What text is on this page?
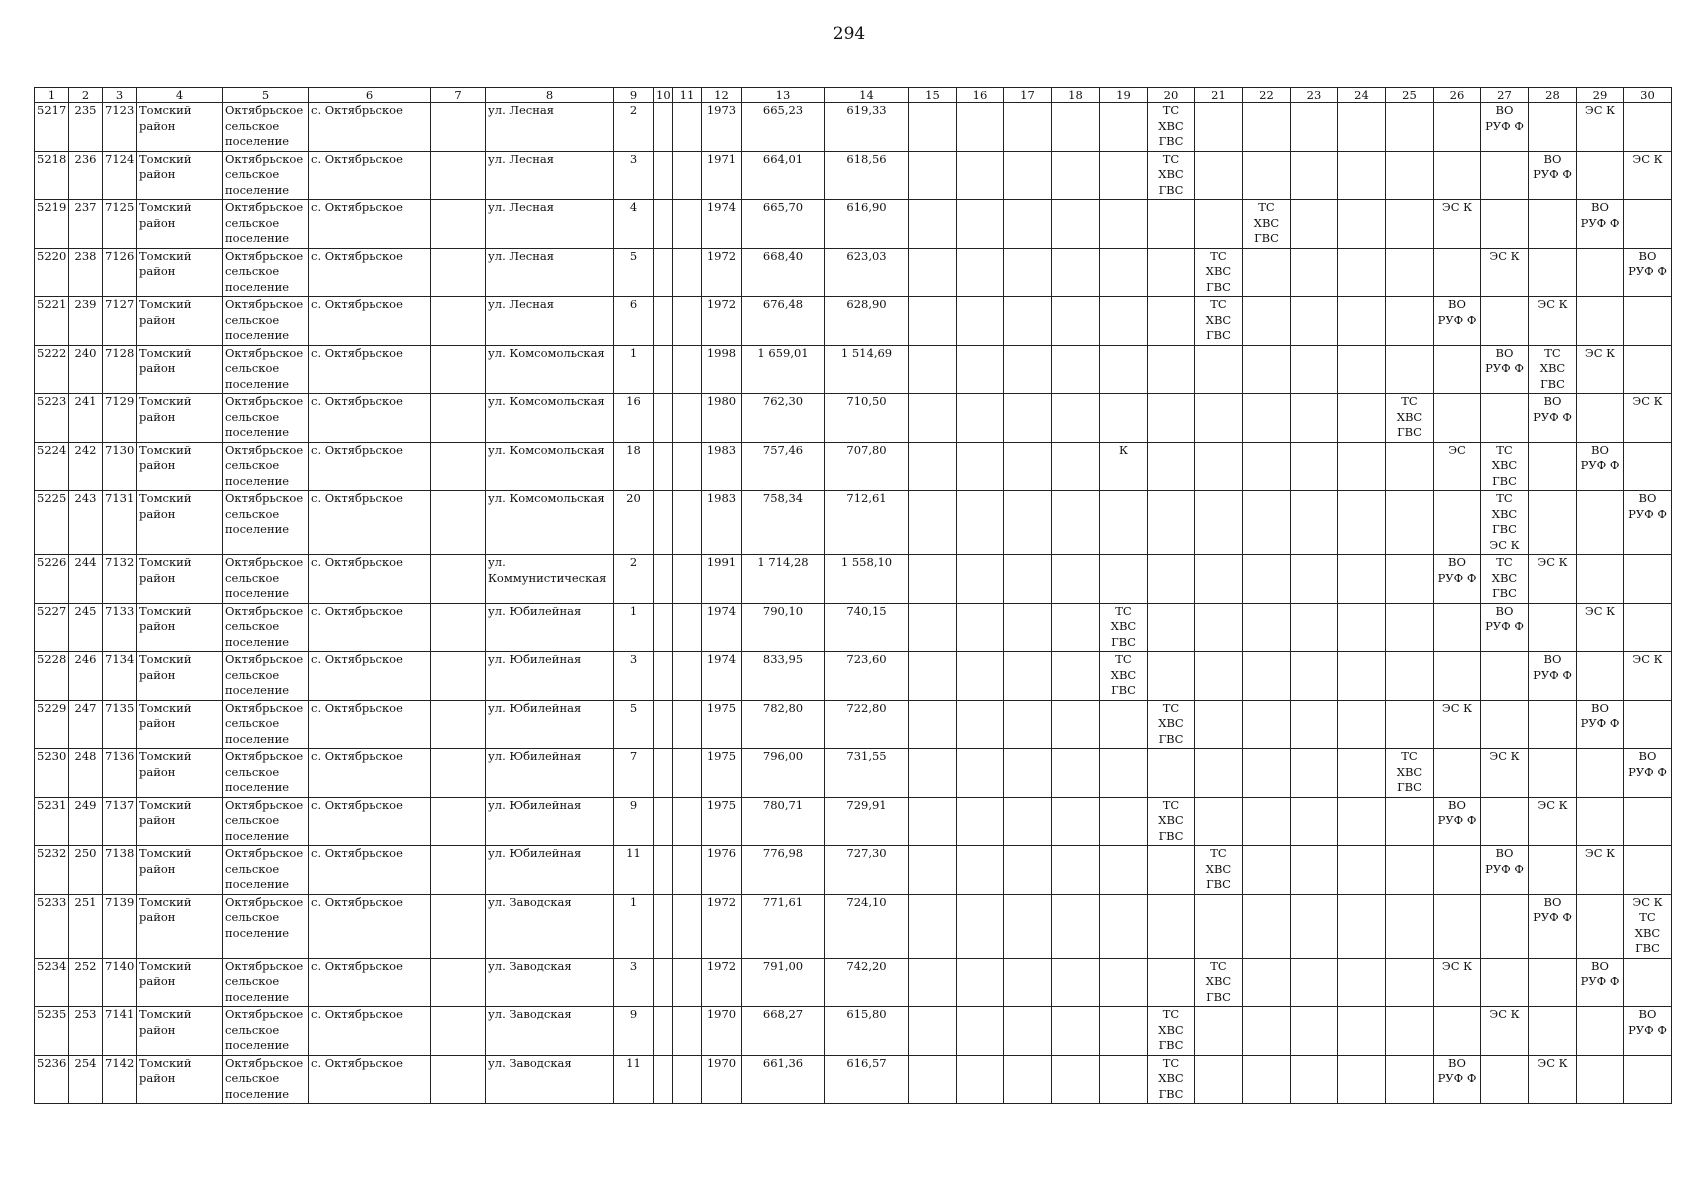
294
1	2	3	4	5	6	7	8	9	10	11	12	13	14	15	16	17	18	19	20	21	22	23	24	25	26	27	28	29	30
5217	235	7123	Томский район	Октябрьское сельское поселение	с. Октябрьское		ул. Лесная	2			1973	665,23	619,33						ТС ХВС ГВС							ВО РУФ Ф		ЭС К	
5218	236	7124	Томский район	Октябрьское сельское поселение	с. Октябрьское		ул. Лесная	3			1971	664,01	618,56						ТС ХВС ГВС								ВО РУФ Ф		ЭС К
5219	237	7125	Томский район	Октябрьское сельское поселение	с. Октябрьское		ул. Лесная	4			1974	665,70	616,90								ТС ХВС ГВС				ЭС К			ВО РУФ Ф	
5220	238	7126	Томский район	Октябрьское сельское поселение	с. Октябрьское		ул. Лесная	5			1972	668,40	623,03							ТС ХВС ГВС						ЭС К			ВО РУФ Ф
5221	239	7127	Томский район	Октябрьское сельское поселение	с. Октябрьское		ул. Лесная	6			1972	676,48	628,90							ТС ХВС ГВС					ВО РУФ Ф		ЭС К		
5222	240	7128	Томский район	Октябрьское сельское поселение	с. Октябрьское		ул. Комсомольская	1			1998	1 659,01	1 514,69													ВО РУФ Ф	ТС ХВС ГВС	ЭС К	
5223	241	7129	Томский район	Октябрьское сельское поселение	с. Октябрьское		ул. Комсомольская	16			1980	762,30	710,50											ТС ХВС ГВС			ВО РУФ Ф		ЭС К
5224	242	7130	Томский район	Октябрьское сельское поселение	с. Октябрьское		ул. Комсомольская	18			1983	757,46	707,80					К							ЭС	ТС ХВС ГВС		ВО РУФ Ф	
5225	243	7131	Томский район	Октябрьское сельское поселение	с. Октябрьское		ул. Комсомольская	20			1983	758,34	712,61													ТС ХВС ГВС ЭС К			ВО РУФ Ф
5226	244	7132	Томский район	Октябрьское сельское поселение	с. Октябрьское		ул. Коммунистическая	2			1991	1 714,28	1 558,10												ВО РУФ Ф	ТС ХВС ГВС	ЭС К		
5227	245	7133	Томский район	Октябрьское сельское поселение	с. Октябрьское		ул. Юбилейная	1			1974	790,10	740,15					ТС ХВС ГВС								ВО РУФ Ф		ЭС К	
5228	246	7134	Томский район	Октябрьское сельское поселение	с. Октябрьское		ул. Юбилейная	3			1974	833,95	723,60					ТС ХВС ГВС									ВО РУФ Ф		ЭС К
5229	247	7135	Томский район	Октябрьское сельское поселение	с. Октябрьское		ул. Юбилейная	5			1975	782,80	722,80						ТС ХВС ГВС						ЭС К			ВО РУФ Ф	
5230	248	7136	Томский район	Октябрьское сельское поселение	с. Октябрьское		ул. Юбилейная	7			1975	796,00	731,55											ТС ХВС ГВС		ЭС К			ВО РУФ Ф
5231	249	7137	Томский район	Октябрьское сельское поселение	с. Октябрьское		ул. Юбилейная	9			1975	780,71	729,91						ТС ХВС ГВС						ВО РУФ Ф		ЭС К		
5232	250	7138	Томский район	Октябрьское сельское поселение	с. Октябрьское		ул. Юбилейная	11			1976	776,98	727,30							ТС ХВС ГВС						ВО РУФ Ф		ЭС К	
5233	251	7139	Томский район	Октябрьское сельское поселение	с. Октябрьское		ул. Заводская	1			1972	771,61	724,10														ВО РУФ Ф		ЭС К ТС ХВС ГВС
5234	252	7140	Томский район	Октябрьское сельское поселение	с. Октябрьское		ул. Заводская	3			1972	791,00	742,20							ТС ХВС ГВС					ЭС К			ВО РУФ Ф	
5235	253	7141	Томский район	Октябрьское сельское поселение	с. Октябрьское		ул. Заводская	9			1970	668,27	615,80						ТС ХВС ГВС							ЭС К			ВО РУФ Ф
5236	254	7142	Томский район	Октябрьское сельское поселение	с. Октябрьское		ул. Заводская	11			1970	661,36	616,57						ТС ХВС ГВС						ВО РУФ Ф		ЭС К		
